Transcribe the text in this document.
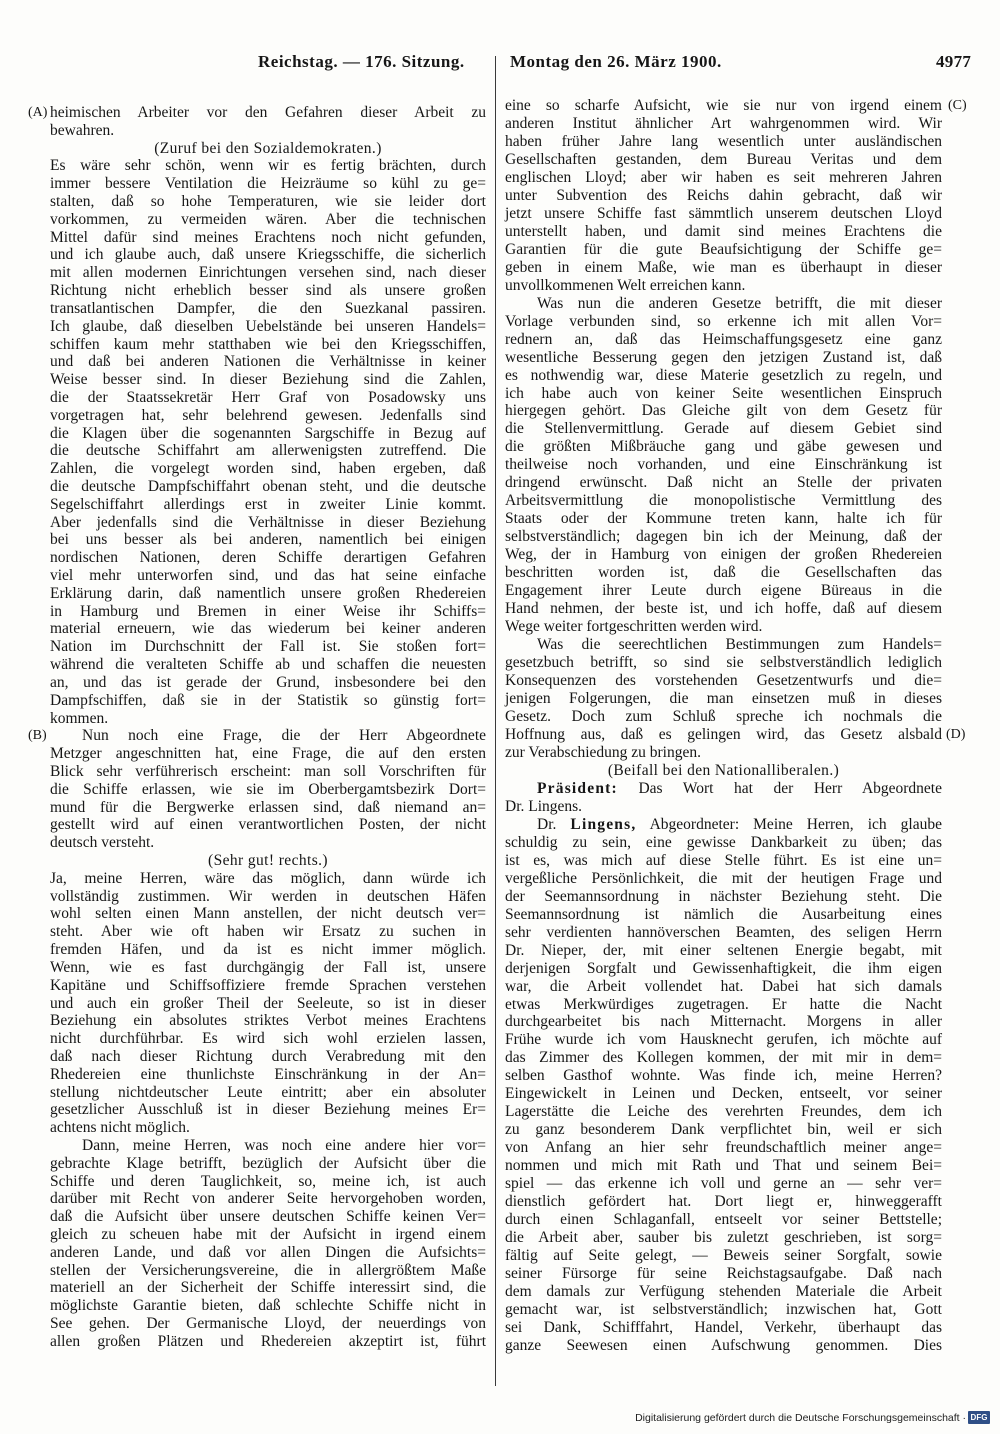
Reichstag. — 176. Sitzung.	Montag den 26. März 1900.	4977
(A)
(B)
(C)
(D)
heimischen Arbeiter vor den Gefahren dieser Arbeit zu
bewahren.
(Zuruf bei den Sozialdemokraten.)
Es wäre sehr schön, wenn wir es fertig brächten, durch
immer bessere Ventilation die Heizräume so kühl zu ge=
stalten, daß so hohe Temperaturen, wie sie leider dort
vorkommen, zu vermeiden wären. Aber die technischen
Mittel dafür sind meines Erachtens noch nicht gefunden,
und ich glaube auch, daß unsere Kriegsschiffe, die sicherlich
mit allen modernen Einrichtungen versehen sind, nach dieser
Richtung nicht erheblich besser sind als unsere großen
transatlantischen Dampfer, die den Suezkanal passiren.
Ich glaube, daß dieselben Uebelstände bei unseren Handels=
schiffen kaum mehr statthaben wie bei den Kriegsschiffen,
und daß bei anderen Nationen die Verhältnisse in keiner
Weise besser sind. In dieser Beziehung sind die Zahlen,
die der Staatssekretär Herr Graf von Posadowsky uns
vorgetragen hat, sehr belehrend gewesen. Jedenfalls sind
die Klagen über die sogenannten Sargschiffe in Bezug auf
die deutsche Schiffahrt am allerwenigsten zutreffend. Die
Zahlen, die vorgelegt worden sind, haben ergeben, daß
die deutsche Dampfschiffahrt obenan steht, und die deutsche
Segelschiffahrt allerdings erst in zweiter Linie kommt.
Aber jedenfalls sind die Verhältnisse in dieser Beziehung
bei uns besser als bei anderen, namentlich bei einigen
nordischen Nationen, deren Schiffe derartigen Gefahren
viel mehr unterworfen sind, und das hat seine einfache
Erklärung darin, daß namentlich unsere großen Rhedereien
in Hamburg und Bremen in einer Weise ihr Schiffs=
material erneuern, wie das wiederum bei keiner anderen
Nation im Durchschnitt der Fall ist. Sie stoßen fort=
während die veralteten Schiffe ab und schaffen die neuesten
an, und das ist gerade der Grund, insbesondere bei den
Dampfschiffen, daß sie in der Statistik so günstig fort=
kommen.
Nun noch eine Frage, die der Herr Abgeordnete
Metzger angeschnitten hat, eine Frage, die auf den ersten
Blick sehr verführerisch erscheint: man soll Vorschriften für
die Schiffe erlassen, wie sie im Oberbergamtsbezirk Dort=
mund für die Bergwerke erlassen sind, daß niemand an=
gestellt wird auf einen verantwortlichen Posten, der nicht
deutsch versteht.
(Sehr gut! rechts.)
Ja, meine Herren, wäre das möglich, dann würde ich
vollständig zustimmen. Wir werden in deutschen Häfen
wohl selten einen Mann anstellen, der nicht deutsch ver=
steht. Aber wie oft haben wir Ersatz zu suchen in
fremden Häfen, und da ist es nicht immer möglich.
Wenn, wie es fast durchgängig der Fall ist, unsere
Kapitäne und Schiffsoffiziere fremde Sprachen verstehen
und auch ein großer Theil der Seeleute, so ist in dieser
Beziehung ein absolutes striktes Verbot meines Erachtens
nicht durchführbar. Es wird sich wohl erzielen lassen,
daß nach dieser Richtung durch Verabredung mit den
Rhedereien eine thunlichste Einschränkung in der An=
stellung nichtdeutscher Leute eintritt; aber ein absoluter
gesetzlicher Ausschluß ist in dieser Beziehung meines Er=
achtens nicht möglich.
Dann, meine Herren, was noch eine andere hier vor=
gebrachte Klage betrifft, bezüglich der Aufsicht über die
Schiffe und deren Tauglichkeit, so, meine ich, ist auch
darüber mit Recht von anderer Seite hervorgehoben worden,
daß die Aufsicht über unsere deutschen Schiffe keinen Ver=
gleich zu scheuen habe mit der Aufsicht in irgend einem
anderen Lande, und daß vor allen Dingen die Aufsichts=
stellen der Versicherungsvereine, die in allergrößtem Maße
materiell an der Sicherheit der Schiffe interessirt sind, die
möglichste Garantie bieten, daß schlechte Schiffe nicht in
See gehen. Der Germanische Lloyd, der neuerdings von
allen großen Plätzen und Rhedereien akzeptirt ist, führt
eine so scharfe Aufsicht, wie sie nur von irgend einem
anderen Institut ähnlicher Art wahrgenommen wird. Wir
haben früher Jahre lang wesentlich unter ausländischen
Gesellschaften gestanden, dem Bureau Veritas und dem
englischen Lloyd; aber wir haben es seit mehreren Jahren
unter Subvention des Reichs dahin gebracht, daß wir
jetzt unsere Schiffe fast sämmtlich unserem deutschen Lloyd
unterstellt haben, und damit sind meines Erachtens die
Garantien für die gute Beaufsichtigung der Schiffe ge=
geben in einem Maße, wie man es überhaupt in dieser
unvollkommenen Welt erreichen kann.
Was nun die anderen Gesetze betrifft, die mit dieser
Vorlage verbunden sind, so erkenne ich mit allen Vor=
rednern an, daß das Heimschaffungsgesetz eine ganz
wesentliche Besserung gegen den jetzigen Zustand ist, daß
es nothwendig war, diese Materie gesetzlich zu regeln, und
ich habe auch von keiner Seite wesentlichen Einspruch
hiergegen gehört. Das Gleiche gilt von dem Gesetz für
die Stellenvermittlung. Gerade auf diesem Gebiet sind
die größten Mißbräuche gang und gäbe gewesen und
theilweise noch vorhanden, und eine Einschränkung ist
dringend erwünscht. Daß nicht an Stelle der privaten
Arbeitsvermittlung die monopolistische Vermittlung des
Staats oder der Kommune treten kann, halte ich für
selbstverständlich; dagegen bin ich der Meinung, daß der
Weg, der in Hamburg von einigen der großen Rhedereien
beschritten worden ist, daß die Gesellschaften das
Engagement ihrer Leute durch eigene Büreaus in die
Hand nehmen, der beste ist, und ich hoffe, daß auf diesem
Wege weiter fortgeschritten werden wird.
Was die seerechtlichen Bestimmungen zum Handels=
gesetzbuch betrifft, so sind sie selbstverständlich lediglich
Konsequenzen des vorstehenden Gesetzentwurfs und die=
jenigen Folgerungen, die man einsetzen muß in dieses
Gesetz. Doch zum Schluß spreche ich nochmals die
Hoffnung aus, daß es gelingen wird, das Gesetz alsbald
zur Verabschiedung zu bringen.
(Beifall bei den Nationalliberalen.)
Präsident: Das Wort hat der Herr Abgeordnete
Dr. Lingens.
Dr. Lingens, Abgeordneter: Meine Herren, ich glaube
schuldig zu sein, eine gewisse Dankbarkeit zu üben; das
ist es, was mich auf diese Stelle führt. Es ist eine un=
vergeßliche Persönlichkeit, die mit der heutigen Frage und
der Seemannsordnung in nächster Beziehung steht. Die
Seemannsordnung ist nämlich die Ausarbeitung eines
sehr verdienten hannöverschen Beamten, des seligen Herrn
Dr. Nieper, der, mit einer seltenen Energie begabt, mit
derjenigen Sorgfalt und Gewissenhaftigkeit, die ihm eigen
war, die Arbeit vollendet hat. Dabei hat sich damals
etwas Merkwürdiges zugetragen. Er hatte die Nacht
durchgearbeitet bis nach Mitternacht. Morgens in aller
Frühe wurde ich vom Hausknecht gerufen, ich möchte auf
das Zimmer des Kollegen kommen, der mit mir in dem=
selben Gasthof wohnte. Was finde ich, meine Herren?
Eingewickelt in Leinen und Decken, entseelt, vor seiner
Lagerstätte die Leiche des verehrten Freundes, dem ich
zu ganz besonderem Dank verpflichtet bin, weil er sich
von Anfang an hier sehr freundschaftlich meiner ange=
nommen und mich mit Rath und That und seinem Bei=
spiel — das erkenne ich voll und gerne an — sehr ver=
dienstlich gefördert hat. Dort liegt er, hinweggerafft
durch einen Schlaganfall, entseelt vor seiner Bettstelle;
die Arbeit aber, sauber bis zuletzt geschrieben, ist sorg=
fältig auf Seite gelegt, — Beweis seiner Sorgfalt, sowie
seiner Fürsorge für seine Reichstagsaufgabe. Daß nach
dem damals zur Verfügung stehenden Materiale die Arbeit
gemacht war, ist selbstverständlich; inzwischen hat, Gott
sei Dank, Schifffahrt, Handel, Verkehr, überhaupt das
ganze Seewesen einen Aufschwung genommen. Dies
Digitalisierung gefördert durch die Deutsche Forschungsgemeinschaft · DFG
